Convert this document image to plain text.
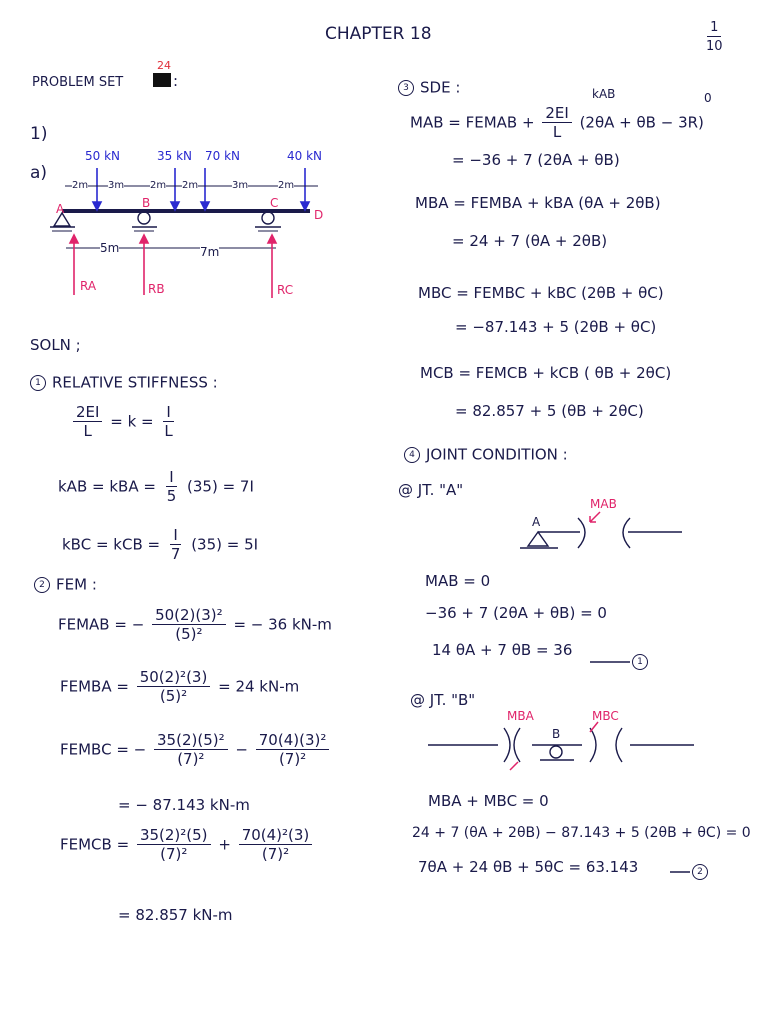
CHAPTER 18	$\frac{1}{10}$
PROBLEM SET
24
:
1)
a)
50 kN	35 kN 70 kN	40 kN
2m 3m	2m 2m	3m	2m
A	B	C
D
5m	7m
RA	RB	RC
SOLN ;
1 RELATIVE STIFFNESS :
$\frac{2EI}{L} = k = \frac{I}{L}$
kAB = kBA = $\frac{I}{5} (35) = 7I$
kBC = kCB = $\frac{I}{7} (35) = 5I$
2 FEM :
FEMAB = − $\frac{\text{50(2)(3)²}}{\text{(5)²}}$ = − 36 kN-m
FEMBA = $\frac{\text{50(2)²(3)}}{\text{(5)²}} = 24$ kN-m
FEMBC = − $\frac{\text{35(2)(5)²}}{\text{(7)²}} - \frac{\text{70(4)(3)²}}{\text{(7)²}}$
= − 87.143 kN-m
FEMCB = $\frac{\text{35(2)²(5)}}{\text{(7)²}} + \frac{\text{70(4)²(3)}}{\text{(7)²}}$
= 82.857 kN-m
3 SDE :	kAB	0
MAB = FEMAB + $\frac{2EI}{L} (2\theta A + \theta B - 3R)$
= −36 + 7 (2θA + θB)
MBA = FEMBA + kBA (θA + 2θB)
= 24 + 7 (θA + 2θB)
MBC = FEMBC + kBC (2θB + θC)
= −87.143 + 5 (2θB + θC)
MCB = FEMCB + kCB ( θB + 2θC)
= 82.857 + 5 (θB + 2θC)
4 JOINT CONDITION :
@ JT. "A"
MAB
A
MAB = 0
−36 + 7 (2θA + θB) = 0
14 θA + 7 θB = 36
1
@ JT. "B"
MBA	MBC
B
MBA + MBC = 0
24 + 7 (θA + 2θB) − 87.143 + 5 (2θB + θC) = 0
7θA + 24 θB + 5θC = 63.143	2
